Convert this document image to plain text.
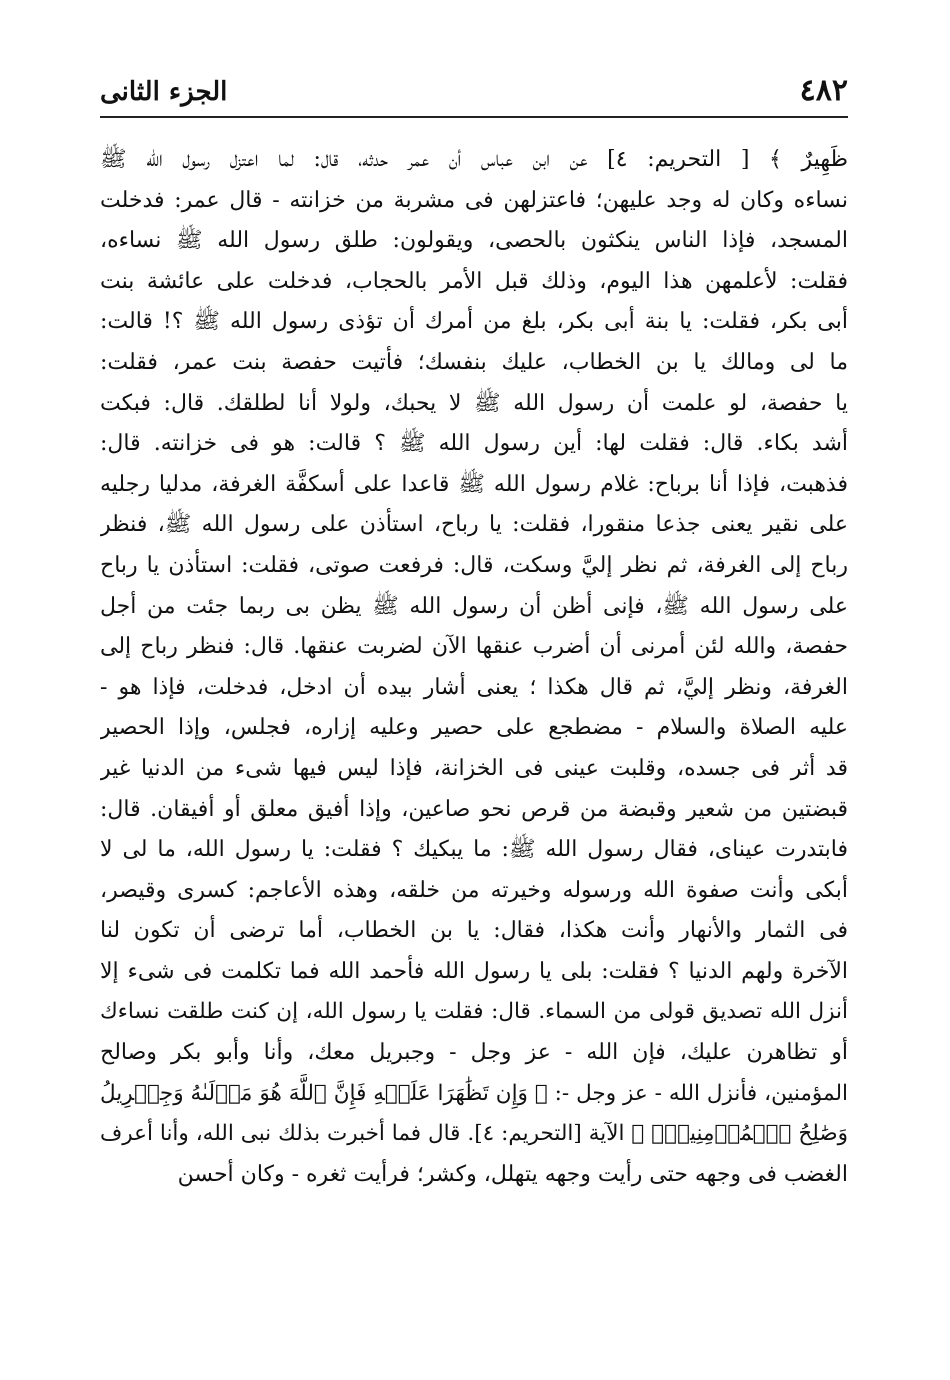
٤٨٢
الجزء الثانى
ظَهِيرٌ ﴾ [ التحريم: ٤] عن ابن عباس أن عمر حدثه، قال: لما اعتزل رسول الله ﷺ
نساءه وكان له وجد عليهن؛ فاعتزلهن فى مشربة من خزانته - قال عمر: فدخلت
المسجد، فإذا الناس ينكثون بالحصى، ويقولون: طلق رسول الله ﷺ نساءه،
فقلت: لأعلمهن هذا اليوم، وذلك قبل الأمر بالحجاب، فدخلت على عائشة بنت
أبى بكر، فقلت: يا بنة أبى بكر، بلغ من أمرك أن تؤذى رسول الله ﷺ ؟! قالت:
ما لى ومالك يا بن الخطاب، عليك بنفسك؛ فأتيت حفصة بنت عمر، فقلت:
يا حفصة، لو علمت أن رسول الله ﷺ لا يحبك، ولولا أنا لطلقك. قال: فبكت
أشد بكاء. قال: فقلت لها: أين رسول الله ﷺ ؟ قالت: هو فى خزانته. قال:
فذهبت، فإذا أنا برباح: غلام رسول الله ﷺ قاعدا على أسكفَّة الغرفة، مدليا رجليه
على نقير يعنى جذعا منقورا، فقلت: يا رباح، استأذن على رسول الله ﷺ، فنظر
رباح إلى الغرفة، ثم نظر إليَّ وسكت، قال: فرفعت صوتى، فقلت: استأذن يا رباح
على رسول الله ﷺ، فإنى أظن أن رسول الله ﷺ يظن بى ربما جئت من أجل
حفصة، والله لئن أمرنى أن أضرب عنقها الآن لضربت عنقها. قال: فنظر رباح إلى
الغرفة، ونظر إليَّ، ثم قال هكذا ؛ يعنى أشار بيده أن ادخل، فدخلت، فإذا هو -
عليه الصلاة والسلام - مضطجع على حصير وعليه إزاره، فجلس، وإذا الحصير
قد أثر فى جسده، وقلبت عينى فى الخزانة، فإذا ليس فيها شىء من الدنيا غير
قبضتين من شعير وقبضة من قرص نحو صاعين، وإذا أفيق معلق أو أفيقان. قال:
فابتدرت عيناى، فقال رسول الله ﷺ: ما يبكيك ؟ فقلت: يا رسول الله، ما لى لا
أبكى وأنت صفوة الله ورسوله وخيرته من خلقه، وهذه الأعاجم: كسرى وقيصر،
فى الثمار والأنهار وأنت هكذا، فقال: يا بن الخطاب، أما ترضى أن تكون لنا
الآخرة ولهم الدنيا ؟ فقلت: بلى يا رسول الله فأحمد الله فما تكلمت فى شىء إلا
أنزل الله تصديق قولى من السماء. قال: فقلت يا رسول الله، إن كنت طلقت نساءك
أو تظاهرن عليك، فإن الله - عز وجل - وجبريل معك، وأنا وأبو بكر وصالح
المؤمنين، فأنزل الله - عز وجل -: ﴿ وَإِن تَظَٰهَرَا عَلَيۡهِ فَإِنَّ ٱللَّهَ هُوَ مَوۡلَىٰهُ وَجِبۡرِيلُ
وَصَٰلِحُ ٱلۡمُؤۡمِنِينَۖ ﴾ الآية [التحريم: ٤]. قال فما أخبرت بذلك نبى الله، وأنا أعرف
الغضب فى وجهه حتى رأيت وجهه يتهلل، وكشر؛ فرأيت ثغره - وكان أحسن
